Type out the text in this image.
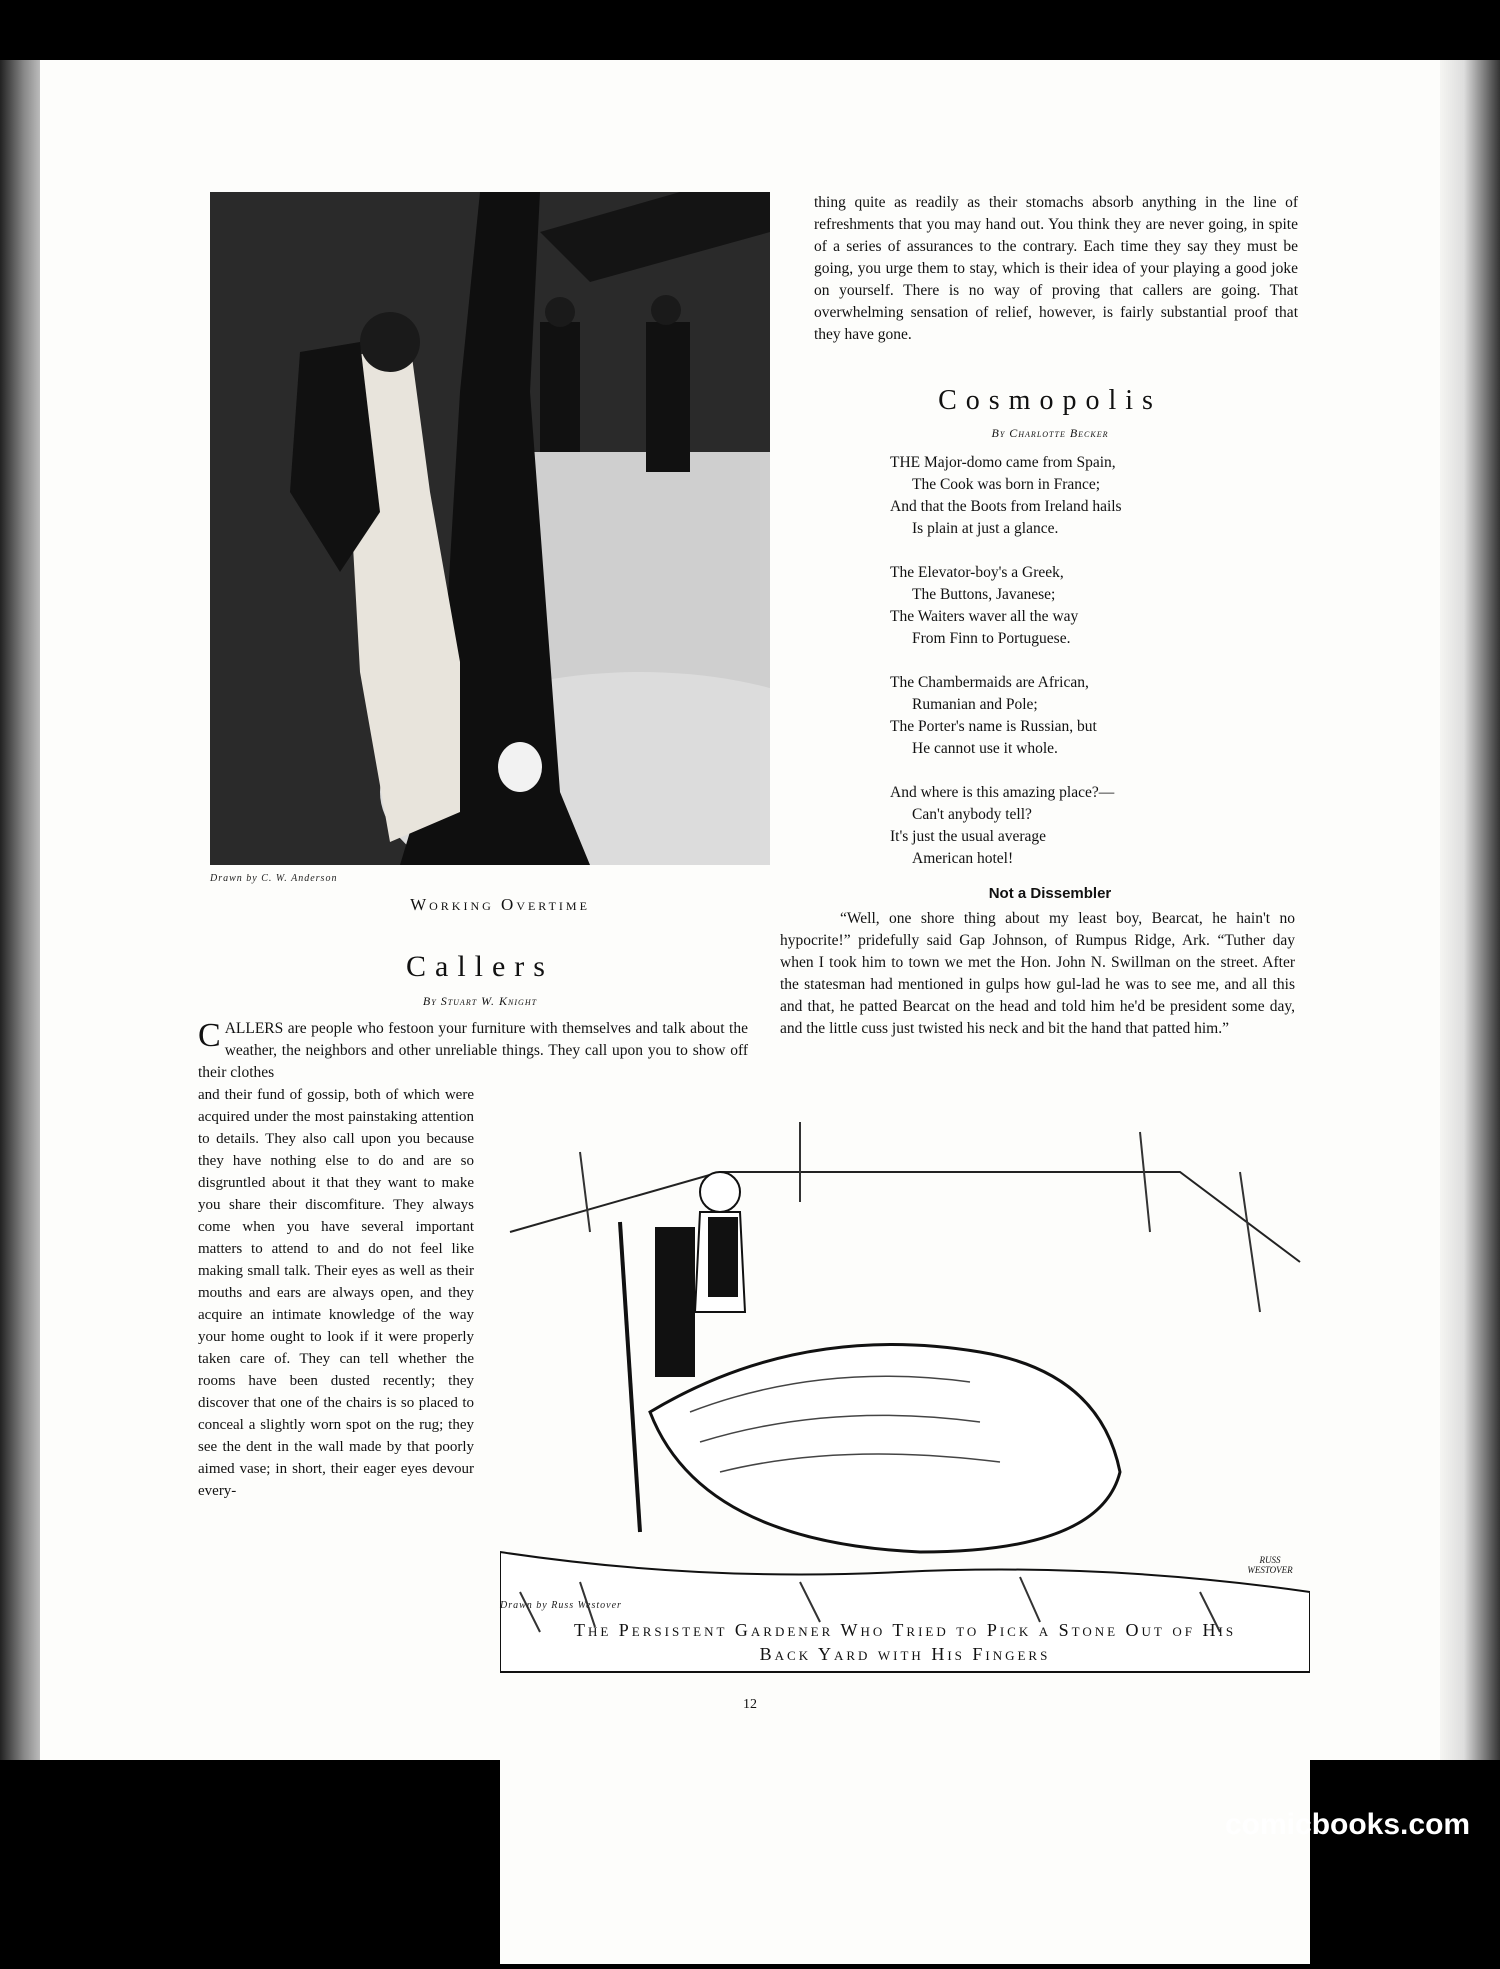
Drawn by C. W. Anderson
Working Overtime
thing quite as readily as their stomachs absorb anything in the line of refreshments that you may hand out. You think they are never going, in spite of a series of assurances to the contrary. Each time they say they must be going, you urge them to stay, which is their idea of your playing a good joke on yourself. There is no way of proving that callers are going. That overwhelming sensation of relief, however, is fairly substantial proof that they have gone.
Cosmopolis
By Charlotte Becker

THE Major-domo came from Spain,
The Cook was born in France;
And that the Boots from Ireland hails
Is plain at just a glance.

The Elevator-boy's a Greek,
The Buttons, Javanese;
The Waiters waver all the way
From Finn to Portuguese.

The Chambermaids are African,
Rumanian and Pole;
The Porter's name is Russian, but
He cannot use it whole.

And where is this amazing place?—
Can't anybody tell?
It's just the usual average
American hotel!

Not a Dissembler
“Well, one shore thing about my least boy, Bearcat, he hain't no hypocrite!” pridefully said Gap Johnson, of Rumpus Ridge, Ark. “Tuther day when I took him to town we met the Hon. John N. Swillman on the street. After the statesman had mentioned in gulps how gul-lad he was to see me, and all this and that, he patted Bearcat on the head and told him he'd be president some day, and the little cuss just twisted his neck and bit the hand that patted him.”
Callers
By Stuart W. Knight
CALLERS are people who festoon your furniture with themselves and talk about the weather, the neighbors and other unreliable things. They call upon you to show off their clothes
and their fund of gossip, both of which were acquired under the most painstaking attention to details. They also call upon you because they have nothing else to do and are so disgruntled about it that they want to make you share their discomfiture. They always come when you have several important matters to attend to and do not feel like making small talk. Their eyes as well as their mouths and ears are always open, and they acquire an intimate knowledge of the way your home ought to look if it were properly taken care of. They can tell whether the rooms have been dusted recently; they discover that one of the chairs is so placed to conceal a slightly worn spot on the rug; they see the dent in the wall made by that poorly aimed vase; in short, their eager eyes devour every-
RUSS WESTOVER
Drawn by Russ Westover
The Persistent Gardener Who Tried to Pick a Stone Out of His
Back Yard with His Fingers
12
comicbooks.com
